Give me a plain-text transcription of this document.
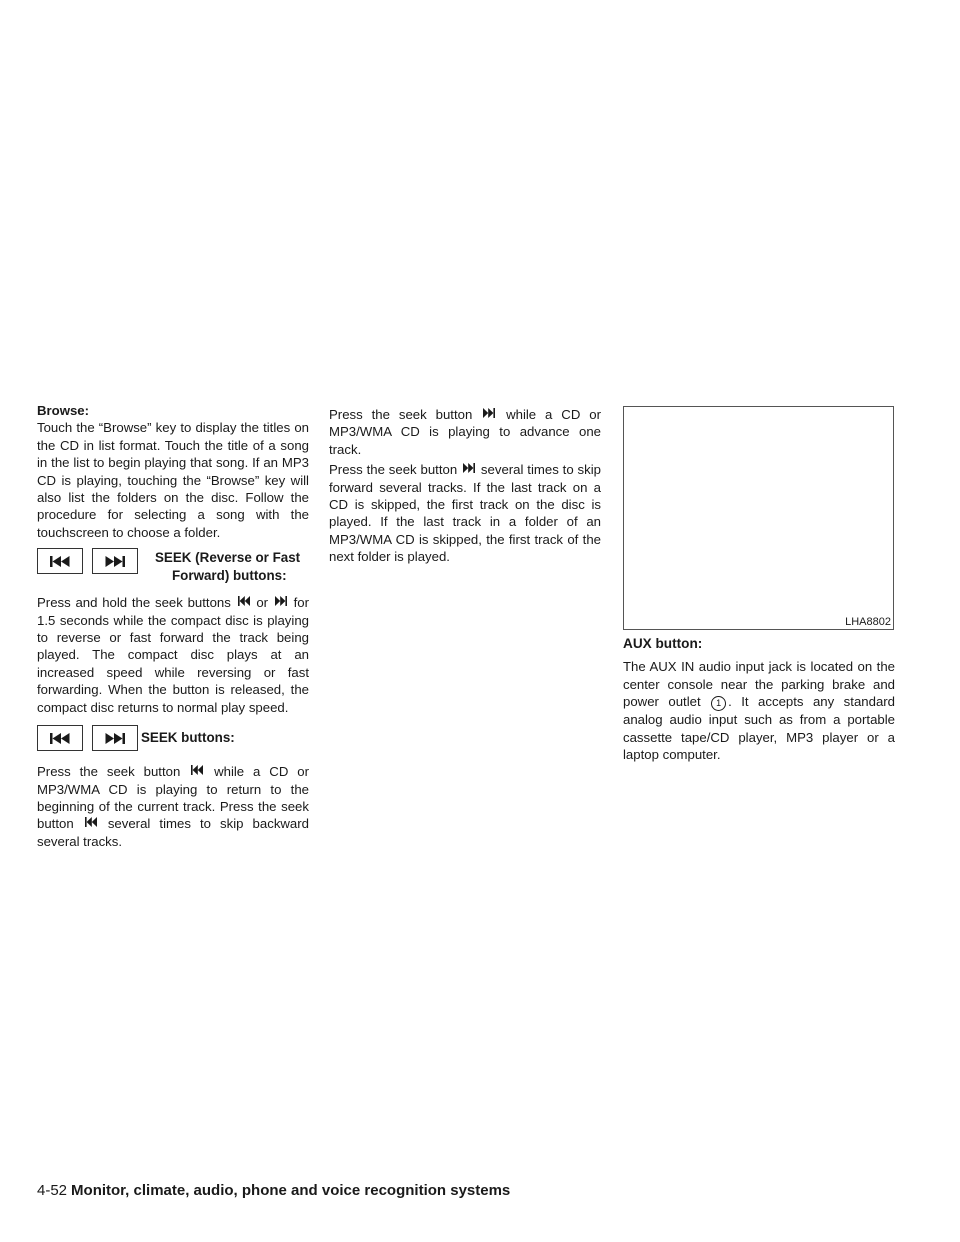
Browse:

Touch the “Browse” key to display the titles on the CD in list format. Touch the title of a song in the list to begin playing that song. If an MP3 CD is playing, touching the “Browse” key will also list the folders on the disc. Follow the procedure for selecting a song with the touchscreen to choose a folder.

SEEK (Reverse or Fast
Forward) buttons:

Press and hold the seek buttons or for 1.5 seconds while the compact disc is playing to reverse or fast forward the track being played. The compact disc plays at an increased speed while reversing or fast forwarding. When the button is released, the compact disc returns to normal play speed.

SEEK buttons:

Press the seek button	while a CD or MP3/WMA CD is playing to return to the beginning of the current track. Press the seek button	several times to skip backward several tracks.

Press the seek button	while a CD or MP3/WMA CD is playing to advance one track.

Press the seek button several times to skip forward several tracks. If the last track on a CD is skipped, the first track on the disc is played. If the last track in a folder of an MP3/WMA CD is skipped, the first track of the next folder is played.

LHA8802
AUX button:

The AUX IN audio input jack is located on the center console near the parking brake and power outlet 1 . It accepts any standard analog audio input such as from a portable cassette tape/CD player, MP3 player or a laptop computer.

4-52 Monitor, climate, audio, phone and voice recognition systems
